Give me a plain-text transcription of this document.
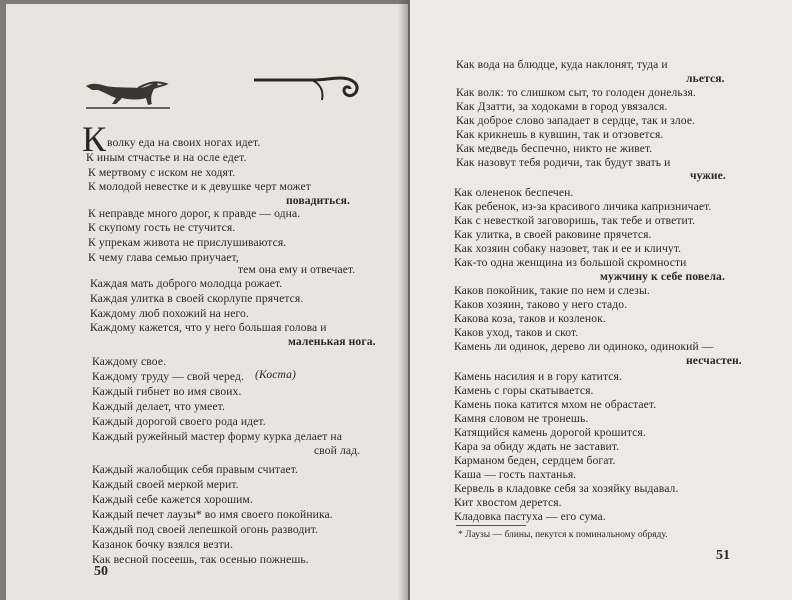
К волку еда на своих ногах идет.
К иным стчастье и на осле едет.
К мертвому с иском не ходят.
К молодой невестке и к девушке черт может
повадиться.
К неправде много дорог, к правде — одна.
К скупому гость не стучится.
К упрекам живота не прислушиваются.
К чему глава семью приучает,
тем она ему и отвечает.
Каждая мать доброго молодца рожает.
Каждая улитка в своей скорлупе прячется.
Каждому люб похожий на него.
Каждому кажется, что у него большая голова и
маленькая нога.
Каждому свое.
Каждому труду — свой черед. (Коста)
Каждый гибнет во имя своих.
Каждый делает, что умеет.
Каждый дорогой своего рода идет.
Каждый ружейный мастер форму курка делает на
свой лад.
Каждый жалобщик себя правым считает.
Каждый своей меркой мерит.
Каждый себе кажется хорошим.
Каждый печет лаузы* во имя своего покойника.
Каждый под своей лепешкой огонь разводит.
Казанок бочку взялся везти.
Как весной посеешь, так осенью пожнешь.
50
Как вода на блюдце, куда наклонят, туда и
льется.
Как волк: то слишком сыт, то голоден донельзя.
Как Дзатти, за ходоками в город увязался.
Как доброе слово западает в сердце, так и злое.
Как крикнешь в кувшин, так и отзовется.
Как медведь беспечно, никто не живет.
Как назовут тебя родичи, так будут звать и
чужие.
Как олененок беспечен.
Как ребенок, из-за красивого личика капризничает.
Как с невесткой заговоришь, так тебе и ответит.
Как улитка, в своей раковине прячется.
Как хозяин собаку назовет, так и ее и кличут.
Как-то одна женщина из большой скромности
мужчину к себе повела.
Каков покойник, такие по нем и слезы.
Каков хозяин, таково у него стадо.
Какова коза, таков и козленок.
Каков уход, таков и скот.
Камень ли одинок, дерево ли одиноко, одинокий —
несчастен.
Камень насилия и в гору катится.
Камень с горы скатывается.
Камень пока катится мхом не обрастает.
Камня словом не тронешь.
Катящийся камень дорогой крошится.
Кара за обиду ждать не заставит.
Карманом беден, сердцем богат.
Каша — гость пахтанья.
Кервель в кладовке себя за хозяйку выдавал.
Кит хвостом дерется.
Кладовка пастуха — его сума.
* Лаузы — блины, пекутся к поминальному обряду.
51
